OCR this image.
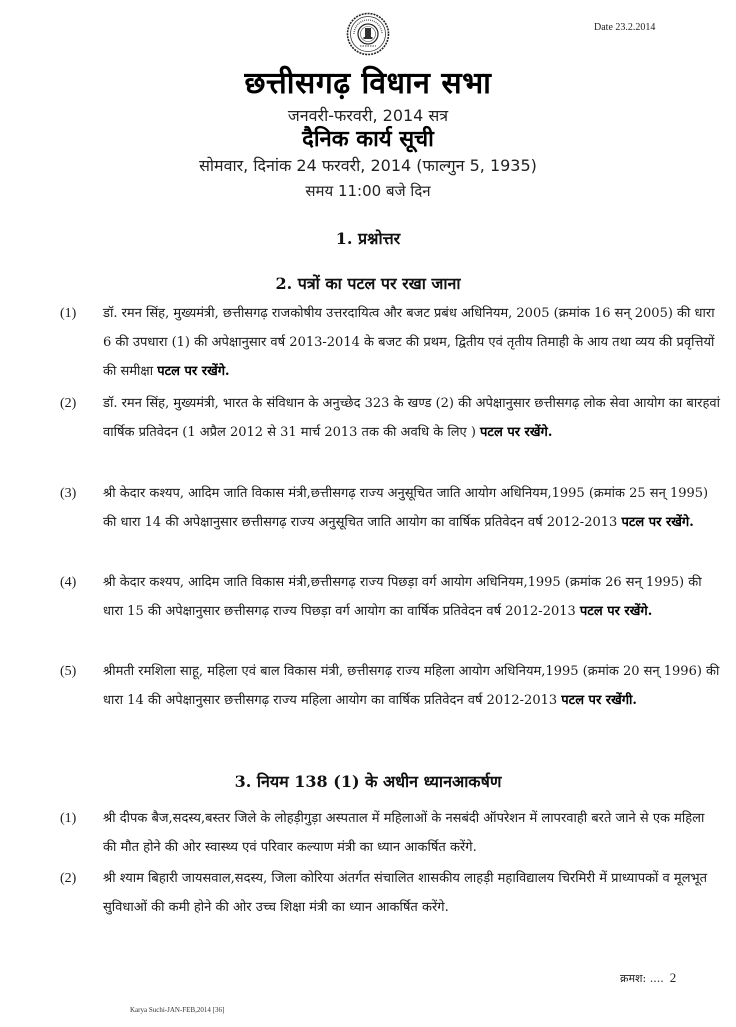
Date 23.2.2014
छत्तीसगढ़ विधान सभा
जनवरी-फरवरी, 2014 सत्र
दैनिक कार्य सूची
सोमवार, दिनांक 24 फरवरी, 2014 (फाल्गुन 5, 1935)
समय 11:00 बजे दिन
1. प्रश्नोत्तर
2. पत्रों का पटल पर रखा जाना
(1)	डॉ. रमन सिंह, मुख्यमंत्री, छत्तीसगढ़ राजकोषीय उत्तरदायित्व और बजट प्रबंध अधिनियम, 2005 (क्रमांक 16 सन् 2005) की धारा 6 की उपधारा (1) की अपेक्षानुसार वर्ष 2013-2014 के बजट की प्रथम, द्वितीय एवं तृतीय तिमाही के आय तथा व्यय की प्रवृत्तियों की समीक्षा पटल पर रखेंगे.
(2)	डॉ. रमन सिंह, मुख्यमंत्री, भारत के संविधान के अनुच्छेद 323 के खण्ड (2) की अपेक्षानुसार छत्तीसगढ़ लोक सेवा आयोग का बारहवां वार्षिक प्रतिवेदन (1 अप्रैल 2012 से 31 मार्च 2013 तक की अवधि के लिए ) पटल पर रखेंगे.
(3)	श्री केदार कश्यप, आदिम जाति विकास मंत्री,छत्तीसगढ़ राज्य अनुसूचित जाति आयोग अधिनियम,1995 (क्रमांक 25 सन् 1995) की धारा 14 की अपेक्षानुसार छत्तीसगढ़ राज्य अनुसूचित जाति आयोग का वार्षिक प्रतिवेदन वर्ष 2012-2013 पटल पर रखेंगे.
(4)	श्री केदार कश्यप, आदिम जाति विकास मंत्री,छत्तीसगढ़ राज्य पिछड़ा वर्ग आयोग अधिनियम,1995 (क्रमांक 26 सन् 1995) की धारा 15 की अपेक्षानुसार छत्तीसगढ़ राज्य पिछड़ा वर्ग आयोग का वार्षिक प्रतिवेदन वर्ष 2012-2013 पटल पर रखेंगे.
(5)	श्रीमती रमशिला साहू, महिला एवं बाल विकास मंत्री, छत्तीसगढ़ राज्य महिला आयोग अधिनियम,1995 (क्रमांक 20 सन् 1996) की धारा 14 की अपेक्षानुसार छत्तीसगढ़ राज्य महिला आयोग का वार्षिक प्रतिवेदन वर्ष 2012-2013 पटल पर रखेंगी.
3. नियम 138 (1) के अधीन ध्यानआकर्षण
(1)	श्री दीपक बैज,सदस्य,बस्तर जिले के लोहड़ीगुड़ा अस्पताल में महिलाओं के नसबंदी ऑपरेशन में लापरवाही बरते जाने से एक महिला की मौत होने की ओर स्वास्थ्य एवं परिवार कल्याण मंत्री का ध्यान आकर्षित करेंगे.
(2)	श्री श्याम बिहारी जायसवाल,सदस्य, जिला कोरिया अंतर्गत संचालित शासकीय लाहड़ी महाविद्यालय चिरमिरी में प्राध्यापकों व मूलभूत सुविधाओं की कमी होने की ओर उच्च शिक्षा मंत्री का ध्यान आकर्षित करेंगे.
क्रमश: .... 2
Karya Suchi-JAN-FEB,2014 [36]
